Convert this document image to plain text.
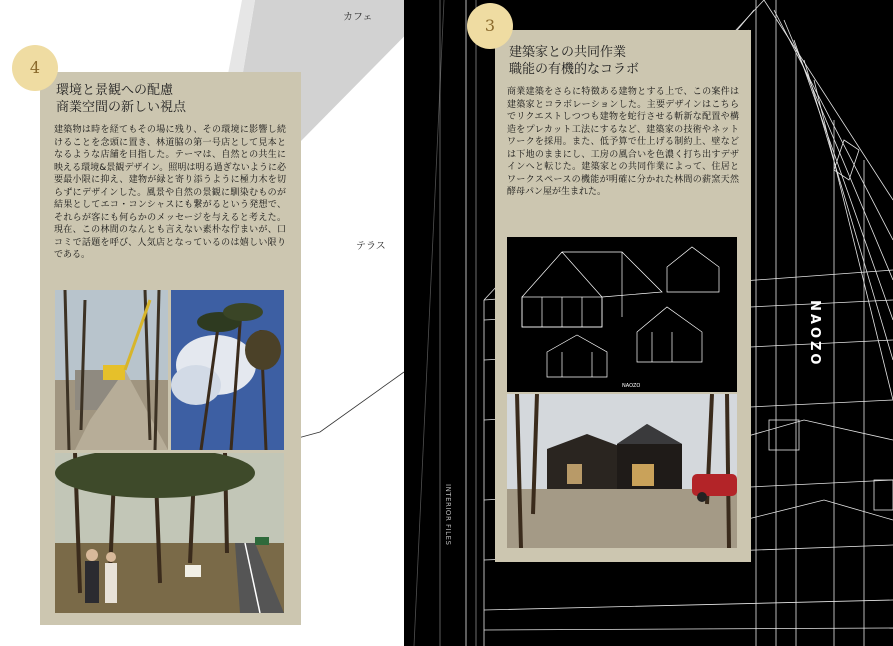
カフェ
テラス
NAOZO
INTERIOR FILES
環境と景観への配慮
商業空間の新しい視点
建築物は時を経てもその場に残り、その環境に影響し続けることを念頭に置き、林道脇の第一号店として見本となるような店舗を目指した。テーマは、自然との共生に映える環境&景観デザイン。照明は明る過ぎないように必要最小限に抑え、建物が緑と寄り添うように極力木を切らずにデザインした。風景や自然の景観に馴染むものが結果としてエコ・コンシャスにも繋がるという発想で、それらが客にも何らかのメッセージを与えると考えた。現在、この林間のなんとも言えない素朴な佇まいが、口コミで話題を呼び、人気店となっているのは嬉しい限りである。
4
建築家との共同作業
職能の有機的なコラボ
商業建築をさらに特徴ある建物とする上で、この案件は建築家とコラボレーションした。主要デザインはこちらでリクエストしつつも建物を蛇行させる斬新な配置や構造をプレカット工法にするなど、建築家の技術やネットワークを採用。また、低予算で仕上げる制約上、壁などは下地のままにし、工房の風合いを色濃く打ち出すデザインへと転じた。建築家との共同作業によって、住居とワークスペースの機能が明確に分かれた林間の薪窯天然酵母パン屋が生まれた。
NAOZO
3
